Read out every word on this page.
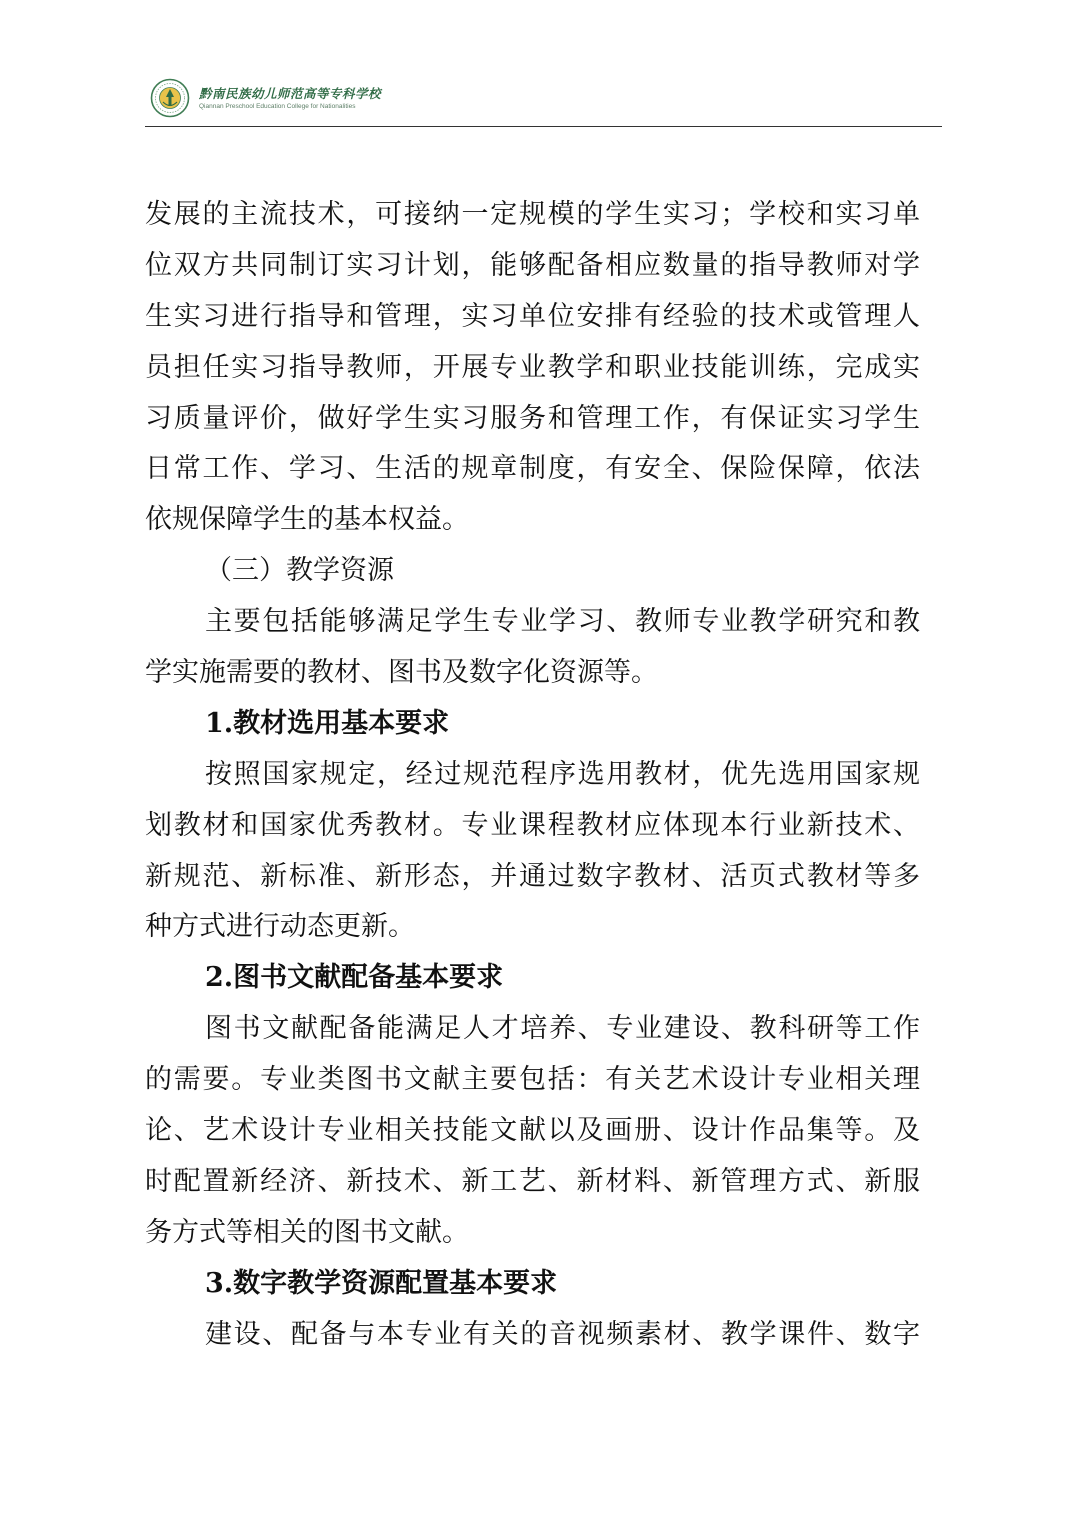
黔南民族幼儿师范高等专科学校
Qiannan Preschool Education College for Nationalities
发展的主流技术，可接纳一定规模的学生实习；学校和实习单
位双方共同制订实习计划，能够配备相应数量的指导教师对学
生实习进行指导和管理，实习单位安排有经验的技术或管理人
员担任实习指导教师，开展专业教学和职业技能训练，完成实
习质量评价，做好学生实习服务和管理工作，有保证实习学生
日常工作、学习、生活的规章制度，有安全、保险保障，依法
依规保障学生的基本权益。
（三）教学资源
主要包括能够满足学生专业学习、教师专业教学研究和教
学实施需要的教材、图书及数字化资源等。
1.教材选用基本要求
按照国家规定，经过规范程序选用教材，优先选用国家规
划教材和国家优秀教材。专业课程教材应体现本行业新技术、
新规范、新标准、新形态，并通过数字教材、活页式教材等多
种方式进行动态更新。
2.图书文献配备基本要求
图书文献配备能满足人才培养、专业建设、教科研等工作
的需要。专业类图书文献主要包括：有关艺术设计专业相关理
论、艺术设计专业相关技能文献以及画册、设计作品集等。及
时配置新经济、新技术、新工艺、新材料、新管理方式、新服
务方式等相关的图书文献。
3.数字教学资源配置基本要求
建设、配备与本专业有关的音视频素材、教学课件、数字
